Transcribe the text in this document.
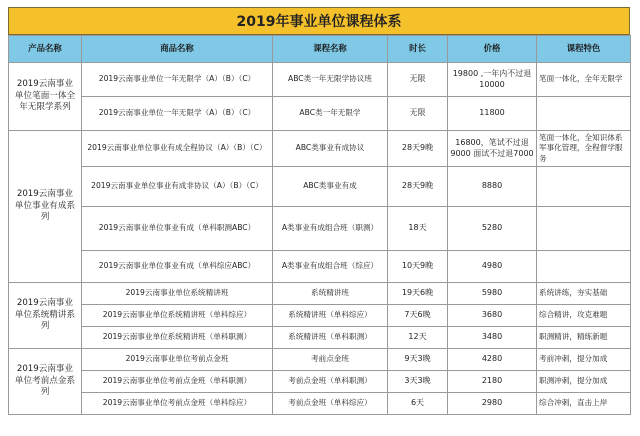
2019年事业单位课程体系
产品名称	商品名称	课程名称	时长	价格	课程特色
2019云南事业单位笔面一体全年无限学系列	2019云南事业单位一年无限学（A）（B）（C）	ABC类一年无限学协议班	无限	19800 ,一年内不过退10000	笔面一体化，全年无限学
	2019云南事业单位一年无限学（A）（B）（C）	ABC类一年无限学	无限	11800	
2019云南事业单位事业有成系列	2019云南事业单位事业有成全程协议（A）（B）（C）	ABC类事业有成协议	28天9晚	16800，笔试不过退9000 面试不过退7000	笔面一体化，全知识体系军事化管理，全程督学服务
	2019云南事业单位事业有成非协议（A）（B）（C）	ABC类事业有成	28天9晚	8880	
	2019云南事业单位事业有成（单科职测ABC）	A类事业有成组合班（职测）	18天	5280	
	2019云南事业单位事业有成（单科综应ABC）	A类事业有成组合班（综应）	10天9晚	4980	
2019云南事业单位系统精讲系列	2019云南事业单位系统精讲班	系统精讲班	19天6晚	5980	系统讲练，夯实基础
	2019云南事业单位系统精讲班（单科综应）	系统精讲班（单科综应）	7天6晚	3680	综合精讲，攻克难题
	2019云南事业单位系统精讲班（单科职测）	系统精讲班（单科职测）	12天	3480	职测精讲，精练新题
2019云南事业单位考前点金系列	2019云南事业单位考前点金班	考前点金班	9天3晚	4280	考前冲刺，提分加成
	2019云南事业单位考前点金班（单科职测）	考前点金班（单科职测）	3天3晚	2180	职测冲刺，提分加成
	2019云南事业单位考前点金班（单科综应）	考前点金班（单科综应）	6天	2980	综合冲刺，直击上岸
